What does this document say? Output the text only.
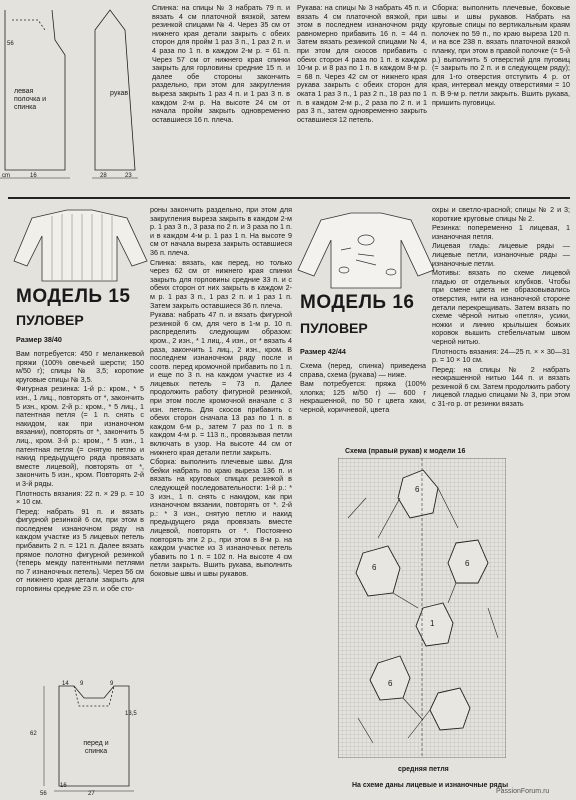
левая полочка и спинка
рукав
cm
56
16	28	23
Спинка: на спицы № 3 набрать 79 п. и вязать 4 см платочной вязкой, затем резинкой спицами № 4. Через 35 см от нижнего края детали закрыть с обеих сторон для пройм 1 раз 3 п., 1 раз 2 п. и 4 раза по 1 п. в каждом 2-м р. = 61 п. Через 57 см от нижнего края спинки закрыть для горловины средние 15 п. и далее обе стороны закончить раздельно, при этом для закругления выреза закрыть 1 раз 4 п. и 1 раз 3 п. в каждом 2-м р. На высоте 24 см от начала пройм закрыть одновременно оставшиеся 16 п. плеча.
Рукава: на спицы № 3 набрать 45 п. и вязать 4 см платочной вязкой, при этом в последнем изнаночном ряду равномерно прибавить 16 п. = 44 п. Затем вязать резинкой спицами № 4, при этом для скосов прибавить с обеих сторон 4 раза по 1 п. в каждом 10-м р. и 8 раз по 1 п. в каждом 8-м р. = 68 п. Через 42 см от нижнего края рукава закрыть с обеих сторон для оката 1 раз 3 п., 1 раз 2 п., 18 раз по 1 п. в каждом 2-м р., 2 раза по 2 п. и 1 раз 3 п., затем одновременно закрыть оставшиеся 12 петель.
Сборка: выполнить плечевые, боковые швы и швы рукавов. Набрать на круговые спицы по вертикальным краям полочек по 59 п., по краю выреза 120 п. и на все 238 п. вязать платочной вязкой планку, при этом в правой полочке (= 5-й р.) выполнить 5 отверстий для пуговиц (= закрыть по 2 п. и в следующем ряду); для 1-го отверстия отступить 4 р. от края, интервал между отверстиями = 10 п. В 9-м р. петли закрыть. Вшить рукава, пришить пуговицы.
МОДЕЛЬ 15
ПУЛОВЕР
Размер 38/40

Вам потребуется: 450 г меланжевой пряжи (100% овечьей шерсти; 150 м/50 г); спицы № 3,5; короткие круговые спицы № 3,5.

Фигурная резинка: 1-й р.: кром., * 5 изн., 1 лиц., повторять от *, закончить 5 изн., кром. 2-й р.: кром., * 5 лиц., 1 патентная петля (= 1 п. снять с накидом, как при изнаночном вязании), повторять от *, закончить 5 лиц., кром. 3-й р.: кром., * 5 изн., 1 патентная петля (= снятую петлю и накид предыдущего ряда провязать вместе лицевой), повторять от *, закончить 5 изн., кром. Повторять 2-й и 3-й ряды.

Плотность вязания: 22 п. × 29 р. = 10 × 10 см.

Перед: набрать 91 п. и вязать фигурной резинкой 6 см, при этом в последнем изнаночном ряду на каждом участке из 5 лицевых петель прибавить 2 п. = 121 п. Далее вязать прямое полотно фигурной резинкой (теперь между патентными петлями по 7 изнаночных петель). Через 56 см от нижнего края детали закрыть для горловины средние 23 п. и обе сто-

роны закончить раздельно, при этом для закругления выреза закрыть в каждом 2-м р. 1 раз 3 п., 3 раза по 2 п. и 3 раза по 1 п. и в каждом 4-м р. 1 раз 1 п. На высоте 9 см от начала выреза закрыть оставшиеся 36 п. плеча.

Спинка: вязать, как перед, но только через 62 см от нижнего края спинки закрыть для горловины средние 33 п. и с обеих сторон от них закрыть в каждом 2-м р. 1 раз 3 п., 1 раз 2 п. и 1 раз 1 п. Затем закрыть оставшиеся 36 п. плеча.

Рукава: набрать 47 п. и вязать фигурной резинкой 6 см, для чего в 1-м р. 10 п. распределить следующим образом: кром., 2 изн., * 1 лиц., 4 изн., от * вязать 4 раза, закончить 1 лиц., 2 изн., кром. В последнем изнаночном ряду после и соотв. перед кромочной прибавить по 1 п. и еще по 3 п. на каждом участке из 4 лицевых петель = 73 п. Далее продолжить работу фигурной резинкой, при этом после кромочной вначале с 3 изн. петель. Для скосов прибавить с обеих сторон сначала 13 раз по 1 п. в каждом 6-м р., затем 7 раз по 1 п. в каждом 4-м р. = 113 п., провязывая петли включать в узор. На высоте 44 см от нижнего края детали петли закрыть.

Сборка: выполнить плечевые швы. Для бейки набрать по краю выреза 136 п. и вязать на круговых спицах резинкой в следующей последовательности: 1-й р.: * 3 изн., 1 п. снять с накидом, как при изнаночном вязании, повторять от *. 2-й р.: * 3 изн., снятую петлю и накид предыдущего ряда провязать вместе лицевой, повторять от *. Постоянно повторять эти 2 р., при этом в 8-м р. на каждом участке из 3 изнаночных петель убавить по 1 п. = 102 п. На высоте 4 см петли закрыть. Вшить рукава, выполнить боковые швы и швы рукавов.

перед и спинка
62
9	9
14
13,5
16
27
56
МОДЕЛЬ 16
ПУЛОВЕР
Размер 42/44

Схема (перед, спинка) приведена справа, схема (рукава) — ниже.

Вам потребуется: пряжа (100% хлопка; 125 м/50 г) — 600 г некрашенной, по 50 г цвета хаки, черной, коричневой, цвета

охры и светло-красной; спицы № 2 и 3; короткие круговые спицы № 2.

Резинка: попеременно 1 лицевая, 1 изнаночная петля.

Лицевая гладь: лицевые ряды — лицевые петли, изнаночные ряды — изнаночные петли.

Мотивы: вязать по схеме лицевой гладью от отдельных клубков. Чтобы при смене цвета не образовывались отверстия, нити на изнаночной стороне детали перекрещивать. Затем вязать по схеме чёрной нитью «петля», усики, ножки и линию крылышек божьих коровок вышить стебельчатым швом черной нитью.

Плотность вязания: 24—25 п. × × 30—31 р. = 10 × 10 см.

Перед: на спицы № 2 набрать неокрашенной нитью 144 п. и вязать резинкой 6 см. Затем продолжить работу лицевой гладью спицами № 3, при этом с 31-го р. от резинки вязать

Схема (правый рукав) к модели 16
6
6	6
1
6
средняя петля
На схеме даны лицевые и изнаночные ряды
PassionForum.ru
